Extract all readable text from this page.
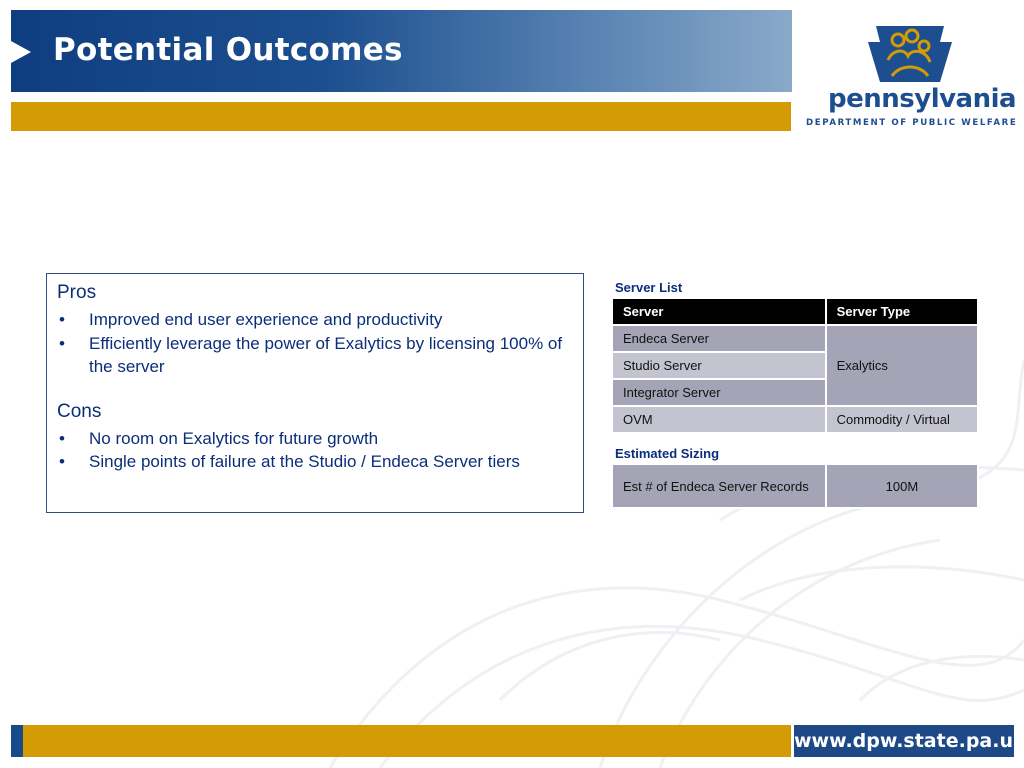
Potential Outcomes
pennsylvania
DEPARTMENT OF PUBLIC WELFARE
Pros
• Improved end user experience and productivity
• Efficiently leverage the power of Exalytics by licensing 100% of the server
Cons
• No room on Exalytics for future growth
• Single points of failure at the Studio / Endeca Server tiers
Server List
Server	Server Type
Endeca Server	Exalytics
Studio Server	
Integrator Server	
OVM	Commodity / Virtual
Estimated Sizing
Est # of Endeca Server Records	100M
www.dpw.state.pa.us
